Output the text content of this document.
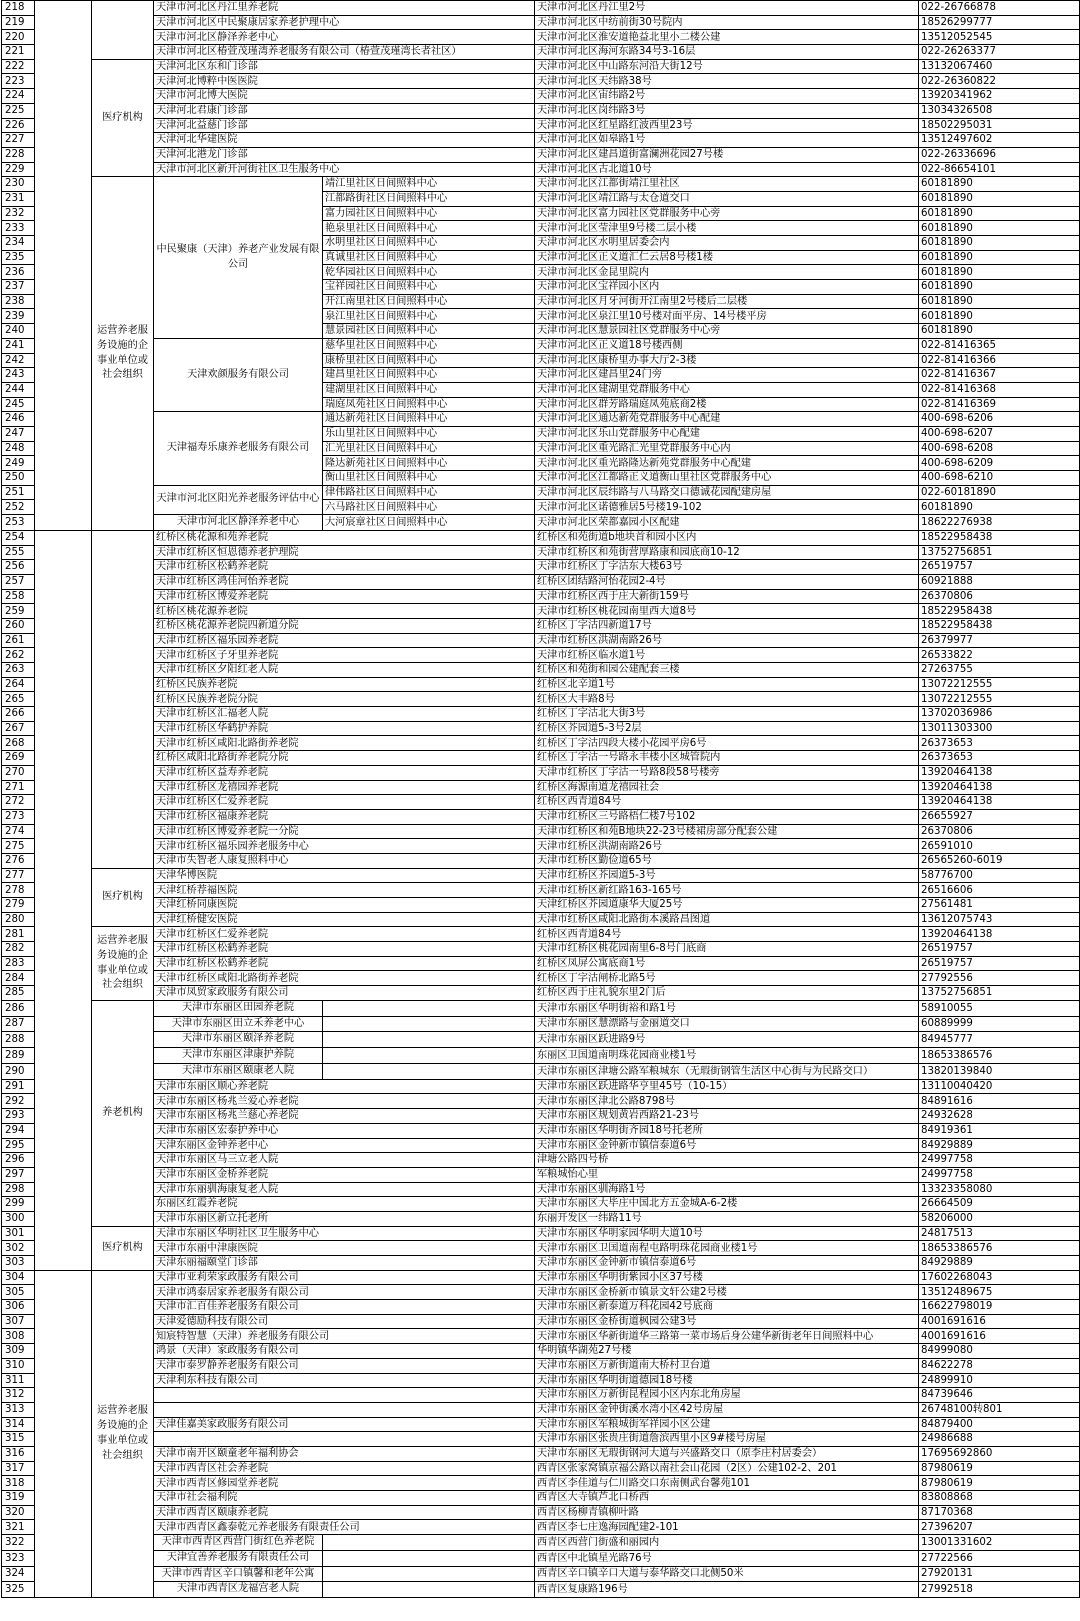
218			天津市河北区丹江里养老院		天津市河北区丹江里2号	022-26766878
219			天津市河北区中民聚康居家养老护理中心		天津市河北区中纺前街30号院内	18526299777
220			天津市河北区静泽养老中心		天津市河北区淮安道艳益北里小二楼公建	13512052545
221			天津市河北区椿萱茂瑾湾养老服务有限公司（椿萱茂瑾湾长者社区）		天津市河北区海河东路34号3-16层	022-26263377
222		医疗机构	天津河北区东和门诊部		天津市河北区中山路东河沿大街12号	13132067460
223			天津河北博粹中医医院		天津市河北区天纬路38号	022-26360822
224			天津市河北博大医院		天津市河北区宙纬路2号	13920341962
225			天津河北君康门诊部		天津市河北区岗纬路3号	13034326508
226			天津河北益慈门诊部		天津市河北区红星路红波西里23号	18502295031
227			天津河北华建医院		天津市河北区如皋路1号	13512497602
228			天津河北港龙门诊部		天津市河北区建昌道街富澜洲花园27号楼	022-26336696
229			天津市河北区新开河街社区卫生服务中心		天津市河北区古北道10号	022-86654101
230		运营养老服务设施的企事业单位或社会组织	中民聚康（天津）养老产业发展有限公司	靖江里社区日间照料中心	天津市河北区江都街靖江里社区	60181890
231				江都路街社区日间照料中心	天津市河北区靖江路与太仓道交口	60181890
232				富力园社区日间照料中心	天津市河北区富力园社区党群服务中心旁	60181890
233				艳泉里社区日间照料中心	天津市河北区莹津里9号楼二层小楼	60181890
234				水明里社区日间照料中心	天津市河北区水明里居委会内	60181890
235				真诚里社区日间照料中心	天津市河北区正义道汇仁云居8号楼1楼	60181890
236				乾华园社区日间照料中心	天津市河北区金昆里院内	60181890
237				宝祥园社区日间照料中心	天津市河北区宝祥园小区内	60181890
238				开江南里社区日间照料中心	天津市河北区月牙河街开江南里2号楼后二层楼	60181890
239				泉江里社区日间照料中心	天津市河北区泉江里10号楼对面平房、14号楼平房	60181890
240				慧景园社区日间照料中心	天津市河北区慧景园社区党群服务中心旁	60181890
241			天津欢颜服务有限公司	慈华里社区日间照料中心	天津市河北区正义道18号楼西侧	022-81416365
242				康桥里社区日间照料中心	天津市河北区康桥里办事大厅2-3楼	022-81416366
243				建昌里社区日间照料中心	天津市河北区建昌里24门旁	022-81416367
244				建湖里社区日间照料中心	天津市河北区建湖里党群服务中心	022-81416368
245				瑞庭凤苑社区日间照料中心	天津市河北区群芳路瑞庭凤苑底商2楼	022-81416369
246			天津福寿乐康养老服务有限公司	通达新苑社区日间照料中心	天津市河北区通达新苑党群服务中心配建	400-698-6206
247				乐山里社区日间照料中心	天津市河北区乐山党群服务中心配建	400-698-6207
248				汇光里社区日间照料中心	天津市河北区重光路汇光里党群服务中心内	400-698-6208
249				隆达新苑社区日间照料中心	天津市河北区重光路隆达新苑党群服务中心配建	400-698-6209
250				衡山里社区日间照料中心	天津市河北区江都路正义道衡山里社区党群服务中心	400-698-6210
251			天津市河北区阳光养老服务评估中心	律伟路社区日间照料中心	天津市河北区辰纬路与八马路交口德诚花园配建房屋	022-60181890
252				六马路社区日间照料中心	天津市河北区诺德雅居5号楼19-102	60181890
253			天津市河北区静泽养老中心	大河宸章社区日间照料中心	天津市河北区荣都嘉园小区配建	18622276938
254			红桥区桃花源和苑养老院		红桥区和苑街道b地块首和园小区内	18522958438
255			天津市红桥区恒恩德养老护理院		天津市红桥区和苑街营厚路康和园底商10-12	13752756851
256			天津市红桥区松鹤养老院		天津市红桥区丁字沽东大楼63号	26519757
257			天津市红桥区鸿佳河怡养老院		红桥区团结路河怡花园2-4号	60921888
258			天津市红桥区博爱养老院		天津市红桥区西于庄大新街159号	26370806
259			红桥区桃花源养老院		天津市红桥区桃花园南里西大道8号	18522958438
260			红桥区桃花源养老院四新道分院		红桥区丁字沽四新道17号	18522958438
261			天津市红桥区福乐园养老院		天津市红桥区洪湖南路26号	26379977
262			天津市红桥区子牙里养老院		天津市红桥区临水道1号	26533822
263			天津市红桥区夕阳红老人院		红桥区和苑街和园公建配套三楼	27263755
264			红桥区民族养老院		红桥区北辛道1号	13072212555
265			红桥区民族养老院分院		红桥区大丰路8号	13072212555
266			天津市红桥区汇福老人院		红桥区丁字沽北大街3号	13702036986
267			天津市红桥区华鹤护养院		红桥区芥园道5-3号2层	13011303300
268			天津市红桥区咸阳北路街养老院		红桥区丁字沽四段大楼小花园平房6号	26373653
269			红桥区咸阳北路街养老院分院		红桥区丁字沽一号路永丰楼小区城管院内	26373653
270			天津市红桥区益寿养老院		天津市红桥区丁字沽一号路8段58号楼旁	13920464138
271			天津市红桥区龙禧园养老院		红桥区海源南道龙禧园社会	13920464138
272			天津市红桥区仁爱养老院		红桥区西青道84号	13920464138
273			天津市红桥区福康养老院		天津市红桥区三号路梧仁楼7号102	26655927
274			天津市红桥区博爱养老院一分院		天津市红桥区和苑B地块22-23号楼裙房部分配套公建	26370806
275			天津市红桥区福乐园养老服务中心		天津市红桥区洪湖南路26号	26591010
276			天津市失智老人康复照料中心		天津市红桥区勤俭道65号	26565260-6019
277		医疗机构	天津华博医院		天津市红桥区芥园道5-3号	58776700
278			天津红桥荐福医院		天津市红桥区新红路163-165号	26516606
279			天津红桥同康医院		天津红桥区芥园道康华大厦25号	27561481
280			天津红桥健安医院		天津市红桥区咸阳北路街本溪路昌图道	13612075743
281		运营养老服务设施的企事业单位或社会组织	天津市红桥区仁爱养老院		红桥区西青道84号	13920464138
282			天津市红桥区松鹤养老院		天津市红桥区桃花园南里6-8号门底商	26519757
283			天津市红桥区松鹤养老院		红桥区凤屏公寓底商1号	26519757
284			天津市红桥区咸阳北路街养老院		红桥区丁字沽闸桥北路5号	27792556
285			天津市凤贸家政服务有限公司		红桥区西于庄礼貌东里2门后	13752756851
286		养老机构	天津市东丽区田园养老院		天津市东丽区华明街裕和路1号	58910055
287			天津市东丽区田立禾养老中心		天津市东丽区慧漂路与金丽道交口	60889999
288			天津市东丽区颐泽养老院		天津市东丽区跃进路9号	84945777
289			天津市东丽区津康护养院		东丽区卫国道南明珠花园商业楼1号	18653386576
290			天津市东丽区颐康老人院		天津市东丽区津塘公路军粮城东（无瑕街钢管生活区中心街与为民路交口）	13820139840
291			天津市东丽区顺心养老院		天津市东丽区跃进路华亨里45号（10-15）	13110040420
292			天津市东丽区杨兆兰爱心养老院		天津市东丽区津北公路8798号	84891616
293			天津市东丽区杨兆兰慈心养老院		天津市东丽区规划黄岩西路21-23号	24932628
294			天津市东丽区宏泰护养中心		天津市东丽区华明街齐园18号托老所	84919361
295			天津东丽区金钟养老中心		天津市东丽区金钟新市镇信泰道6号	84929889
296			天津市东丽区马三立老人院		津塘公路四号桥	24997758
297			天津市东丽区金桥养老院		军粮城怡心里	24997758
298			天津市东丽驯海康复老人院		天津市东丽区驯海路1号	13323358080
299			东丽区红霞养老院		天津市东丽区大毕庄中国北方五金城A-6-2楼	26664509
300			天津市东丽区新立托老所		东丽开发区一纬路11号	58206000
301		医疗机构	天津市东丽区华明社区卫生服务中心		天津市东丽区华明家园华明大道10号	24817513
302			天津市东丽中津康医院		天津市东丽区卫国道南程屯路明珠花园商业楼1号	18653386576
303			天津东丽福颐堂门诊部		天津市东丽区金钟新市镇信泰道6号	84929889
304		运营养老服务设施的企事业单位或社会组织	天津市亚莉荣家政服务有限公司		天津市东丽区华明街紫园小区37号楼	17602268043
305			天津市鸿泰居家养老服务有限公司		天津市东丽区金桥新市镇景文轩公建2号楼	13512489675
306			天津市汇百佳养老服务有限公司		天津市东丽区新泰道万科花园42号底商	16622798019
307			天津爱德励科技有限公司		天津市东丽区金桥街道枫园公建3号	4001691616
308			知宸特智慧（天津）养老服务有限公司		天津市东丽区华新街道华三路第一菜市场后身公建华新街老年日间照料中心	4001691616
309			鸿景（天津）家政服务有限公司		华明镇华湖苑27号楼	84999080
310			天津市泰罗静养老服务有限公司		天津市东丽区万新街道南大桥村卫台道	84622278
311			天津利东科技有限公司		天津市东丽区华明街道德园18号楼	24899910
312					天津市东丽区万新街昆程园小区内东北角房屋	84739646
313					天津市东丽区金钟街溪水湾小区42号房屋	26748100转801
314			天津佳嘉美家政服务有限公司		天津市东丽区军粮城街军祥园小区公建	84879400
315					天津市东丽区张贵庄街道詹滨西里小区9#楼号房屋	24986688
316			天津市南开区颐童老年福利协会		天津市东丽区无瑕街钢河大道与兴盛路交口（原李庄村居委会）	17695692860
317			天津市西青区社会养老院		西青区张家窝镇京福公路以南社会山花园（2区）公建102-2、201	87980619
318			天津市西青区修园堂养老院		西青区李佳道与仁川路交口东南侧武台馨苑101	87980619
319			天津市社会福利院		西青区大寺镇芦北口桥西	83808868
320			天津市西青区颐康养老院		西青区杨柳青镇柳叶路	87170368
321			天津市西青区鑫泰乾元养老服务有限责任公司		西青区李七庄逸海园配建2-101	27396207
322			天津市西青区西营门街红色养老院		西青区西营门街盛和丽园内	13001331602
323			天津宜善养老服务有限责任公司		西青区中北镇星光路76号	27722566
324			天津市西青区辛口镇馨和老年公寓		西青区辛口镇辛口大道与泰华路交口北侧50米	27920131
325			天津市西青区龙福宫老人院		西青区复康路196号	27992518
